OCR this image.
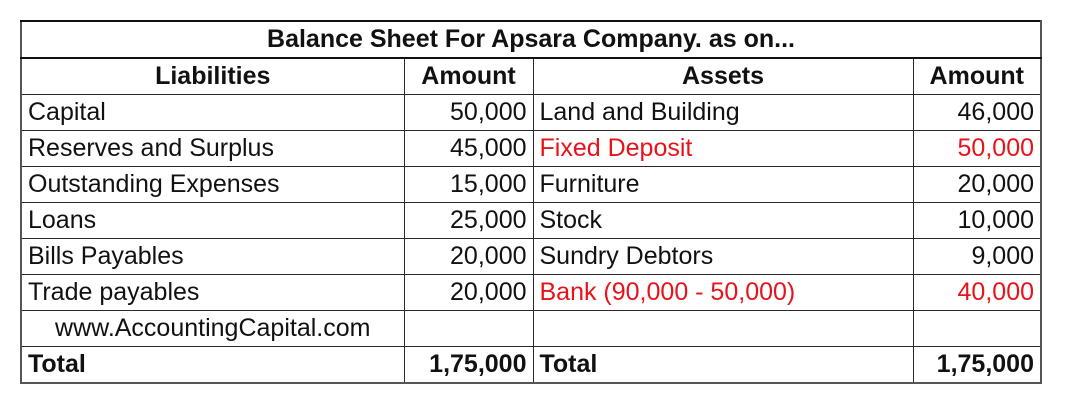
Balance Sheet For Apsara Company. as on...			
Liabilities	Amount	Assets	Amount
Capital	50,000	Land and Building	46,000
Reserves and Surplus	45,000	Fixed Deposit	50,000
Outstanding Expenses	15,000	Furniture	20,000
Loans	25,000	Stock	10,000
Bills Payables	20,000	Sundry Debtors	9,000
Trade payables	20,000	Bank (90,000 - 50,000)	40,000
www.AccountingCapital.com			
Total	1,75,000	Total	1,75,000
